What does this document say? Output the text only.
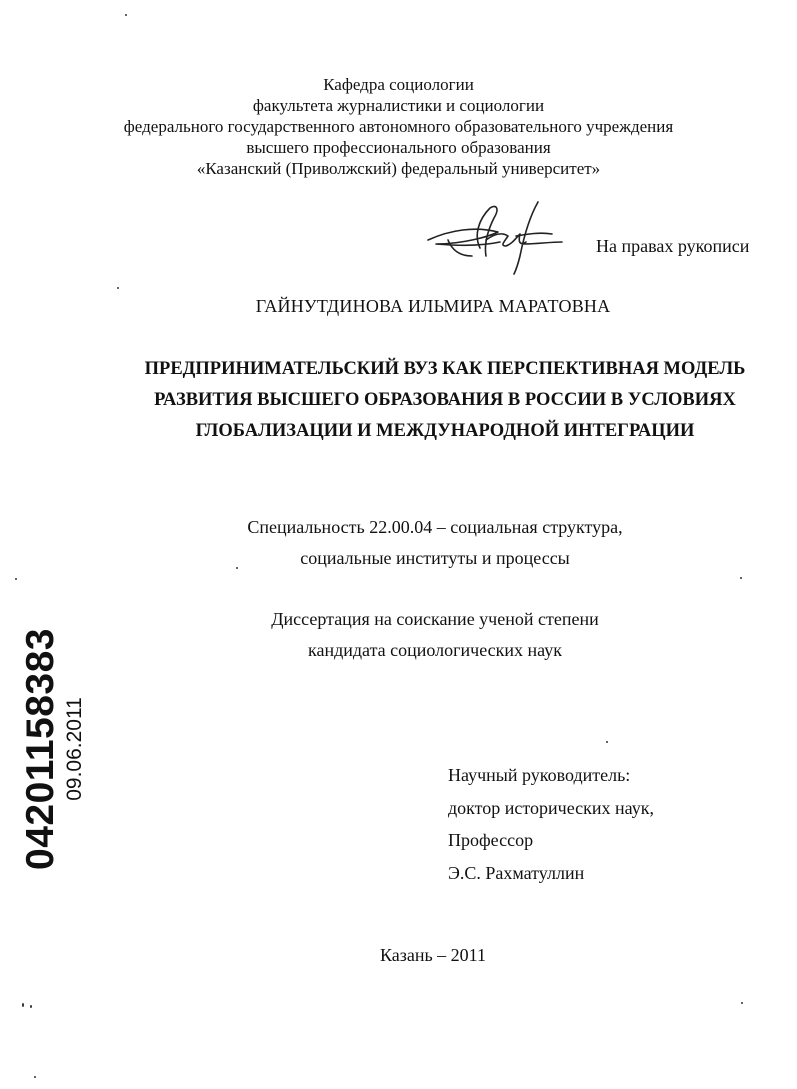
Кафедра социологии
факультета журналистики и социологии
федерального государственного автономного образовательного учреждения
высшего профессионального образования
«Казанский (Приволжский) федеральный университет»
На правах рукописи
ГАЙНУТДИНОВА ИЛЬМИРА МАРАТОВНА
ПРЕДПРИНИМАТЕЛЬСКИЙ ВУЗ КАК ПЕРСПЕКТИВНАЯ МОДЕЛЬ
РАЗВИТИЯ ВЫСШЕГО ОБРАЗОВАНИЯ В РОССИИ В УСЛОВИЯХ
ГЛОБАЛИЗАЦИИ И МЕЖДУНАРОДНОЙ ИНТЕГРАЦИИ
Специальность 22.00.04 – социальная структура,
социальные институты и процессы
Диссертация на соискание ученой степени
кандидата социологических наук
Научный руководитель:
доктор исторических наук,
Профессор
Э.С. Рахматуллин
Казань – 2011
04201158383 09.06.2011
